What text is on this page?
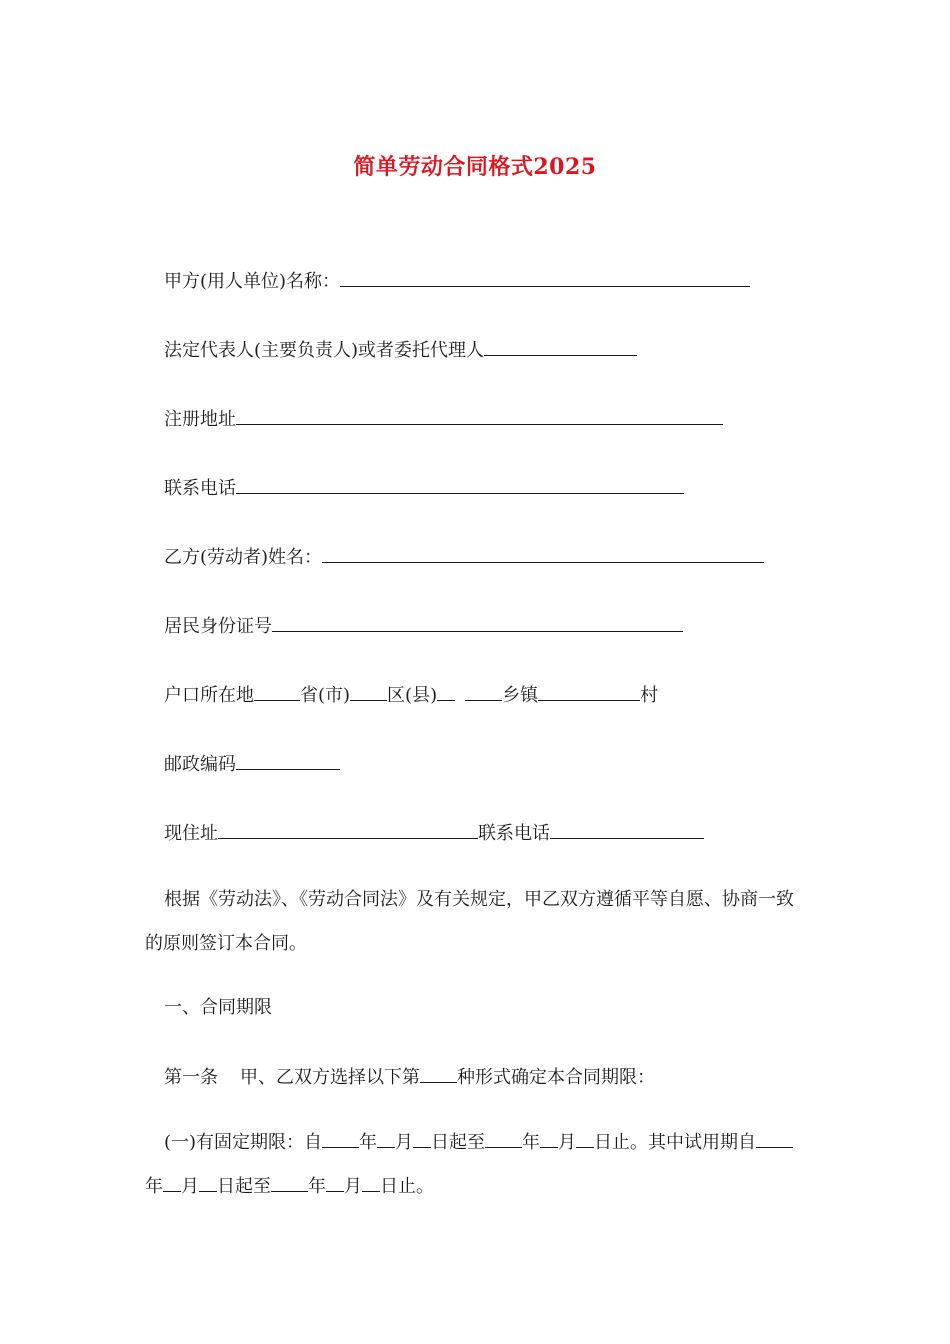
简单劳动合同格式2025
甲方(用人单位)名称：
法定代表人(主要负责人)或者委托代理人
注册地址
联系电话
乙方(劳动者)姓名：
居民身份证号
户口所在地	省(市) 区(县)	乡镇	村
邮政编码
现住址	联系电话
根据《劳动法》、《劳动合同法》及有关规定，甲乙双方遵循平等自愿、协商一致的原则签订本合同。
一、合同期限
第一条 甲、乙双方选择以下第 种形式确定本合同期限：
(一)有固定期限：自 年 月 日起至 年 月 日止。其中试用期自年 月 日起至 年 月 日止。
